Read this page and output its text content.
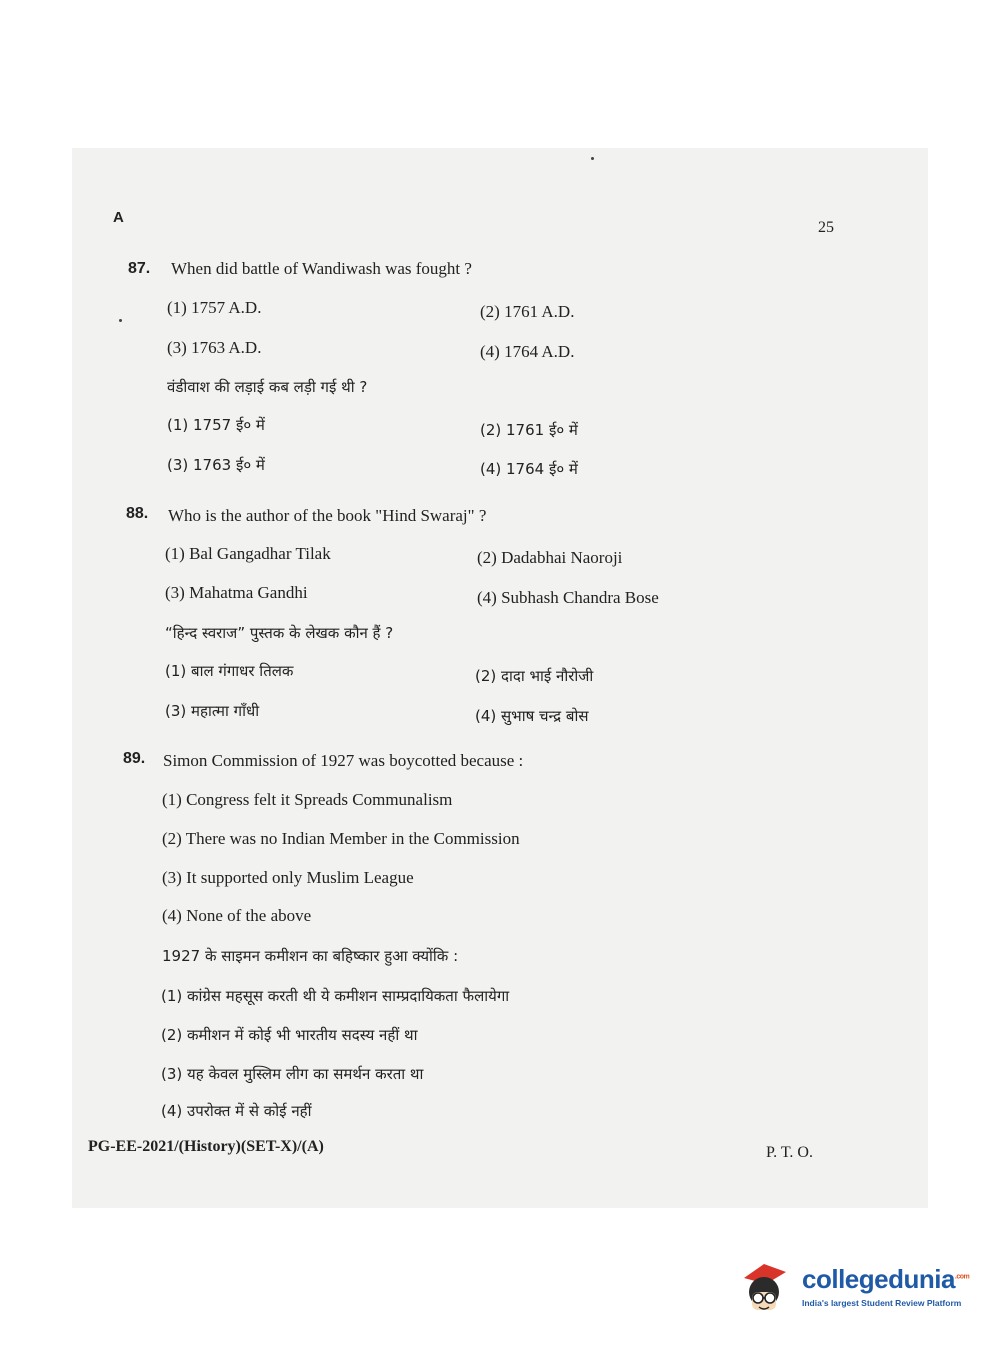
A
25
87. When did battle of Wandiwash was fought ?
(1) 1757 A.D.	(2) 1761 A.D.
(3) 1763 A.D.	(4) 1764 A.D.
वंडीवाश की लड़ाई कब लड़ी गई थी ?
(1) 1757 ई० में	(2) 1761 ई० में
(3) 1763 ई० में	(4) 1764 ई० में
88. Who is the author of the book "Hind Swaraj" ?
(1) Bal Gangadhar Tilak	(2) Dadabhai Naoroji
(3) Mahatma Gandhi	(4) Subhash Chandra Bose
“हिन्द स्वराज” पुस्तक के लेखक कौन हैं ?
(1) बाल गंगाधर तिलक	(2) दादा भाई नौरोजी
(3) महात्मा गाँधी	(4) सुभाष चन्द्र बोस
89. Simon Commission of 1927 was boycotted because :
(1) Congress felt it Spreads Communalism
(2) There was no Indian Member in the Commission
(3) It supported only Muslim League
(4) None of the above
1927 के साइमन कमीशन का बहिष्कार हुआ क्योंकि :
(1) कांग्रेस महसूस करती थी ये कमीशन साम्प्रदायिकता फैलायेगा
(2) कमीशन में कोई भी भारतीय सदस्य नहीं था
(3) यह केवल मुस्लिम लीग का समर्थन करता था
(4) उपरोक्त में से कोई नहीं
PG-EE-2021/(History)(SET-X)/(A)	P. T. O.
collegedunia$^{.com}$
India's largest Student Review Platform
